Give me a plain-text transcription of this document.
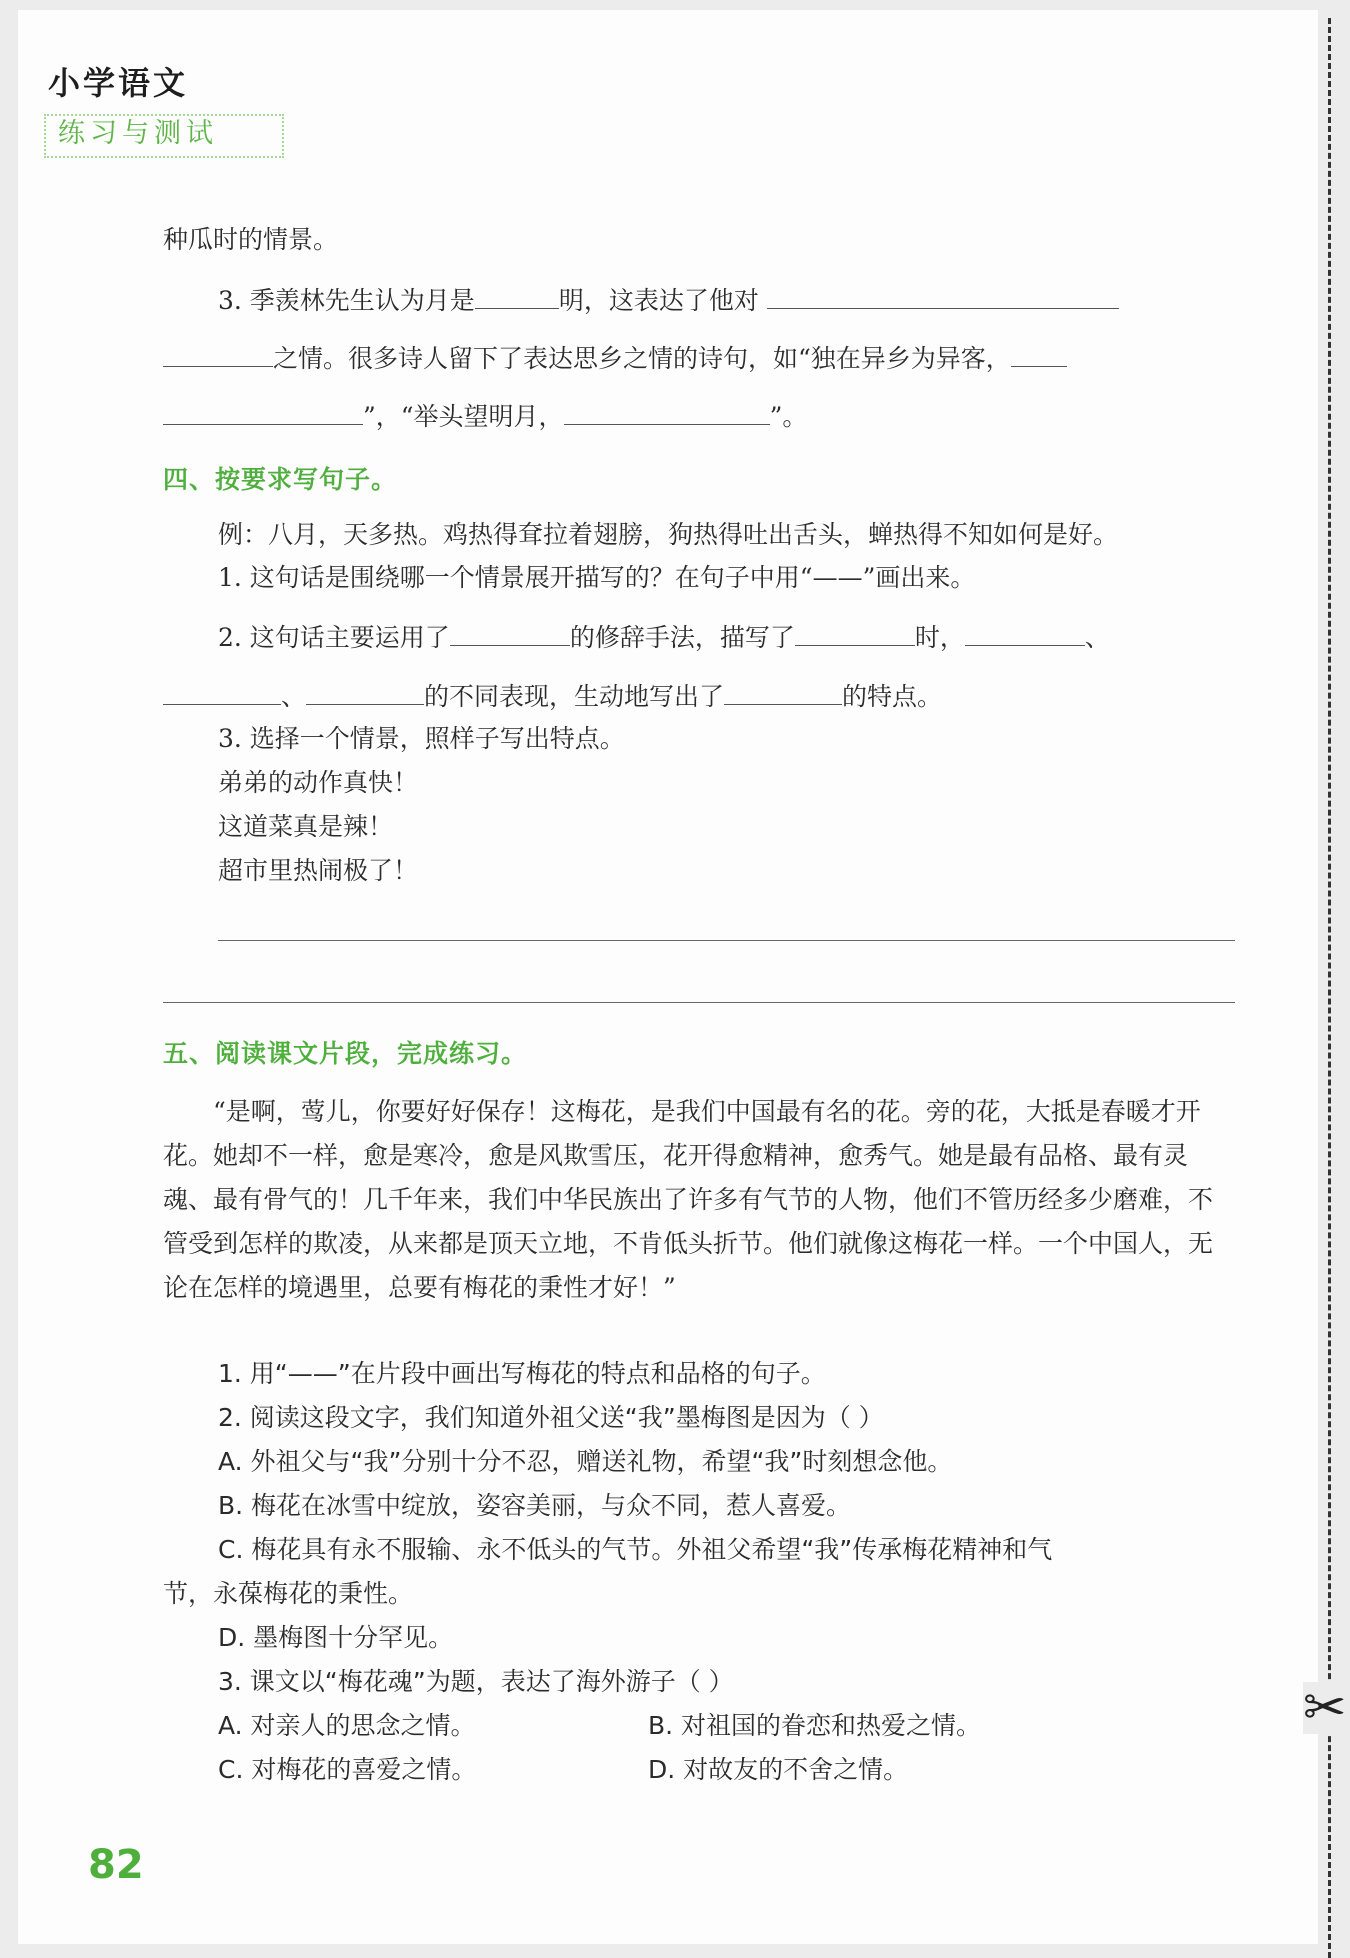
小学语文
练习与测试
✂
种瓜时的情景。
3. 季羡林先生认为月是	明，这表达了他对
之情。很多诗人留下了表达思乡之情的诗句，如“独在异乡为异客，
”，“举头望明月，	”。
四、按要求写句子。
例：八月，天多热。鸡热得耷拉着翅膀，狗热得吐出舌头，蝉热得不知如何是好。
1. 这句话是围绕哪一个情景展开描写的？在句子中用“——”画出来。
2. 这句话主要运用了	的修辞手法，描写了	时，	、
、	的不同表现，生动地写出了	的特点。
3. 选择一个情景，照样子写出特点。
弟弟的动作真快！
这道菜真是辣！
超市里热闹极了！
五、阅读课文片段，完成练习。
“是啊，莺儿，你要好好保存！这梅花，是我们中国最有名的花。旁的花，大抵是春暖才开花。她却不一样，愈是寒冷，愈是风欺雪压，花开得愈精神，愈秀气。她是最有品格、最有灵魂、最有骨气的！几千年来，我们中华民族出了许多有气节的人物，他们不管历经多少磨难，不管受到怎样的欺凌，从来都是顶天立地，不肯低头折节。他们就像这梅花一样。一个中国人，无论在怎样的境遇里，总要有梅花的秉性才好！”
1. 用“——”在片段中画出写梅花的特点和品格的句子。
2. 阅读这段文字，我们知道外祖父送“我”墨梅图是因为（ ）
A. 外祖父与“我”分别十分不忍，赠送礼物，希望“我”时刻想念他。
B. 梅花在冰雪中绽放，姿容美丽，与众不同，惹人喜爱。
C. 梅花具有永不服输、永不低头的气节。外祖父希望“我”传承梅花精神和气
节，永葆梅花的秉性。
D. 墨梅图十分罕见。
3. 课文以“梅花魂”为题，表达了海外游子（ ）
A. 对亲人的思念之情。	B. 对祖国的眷恋和热爱之情。
C. 对梅花的喜爱之情。	D. 对故友的不舍之情。
82
